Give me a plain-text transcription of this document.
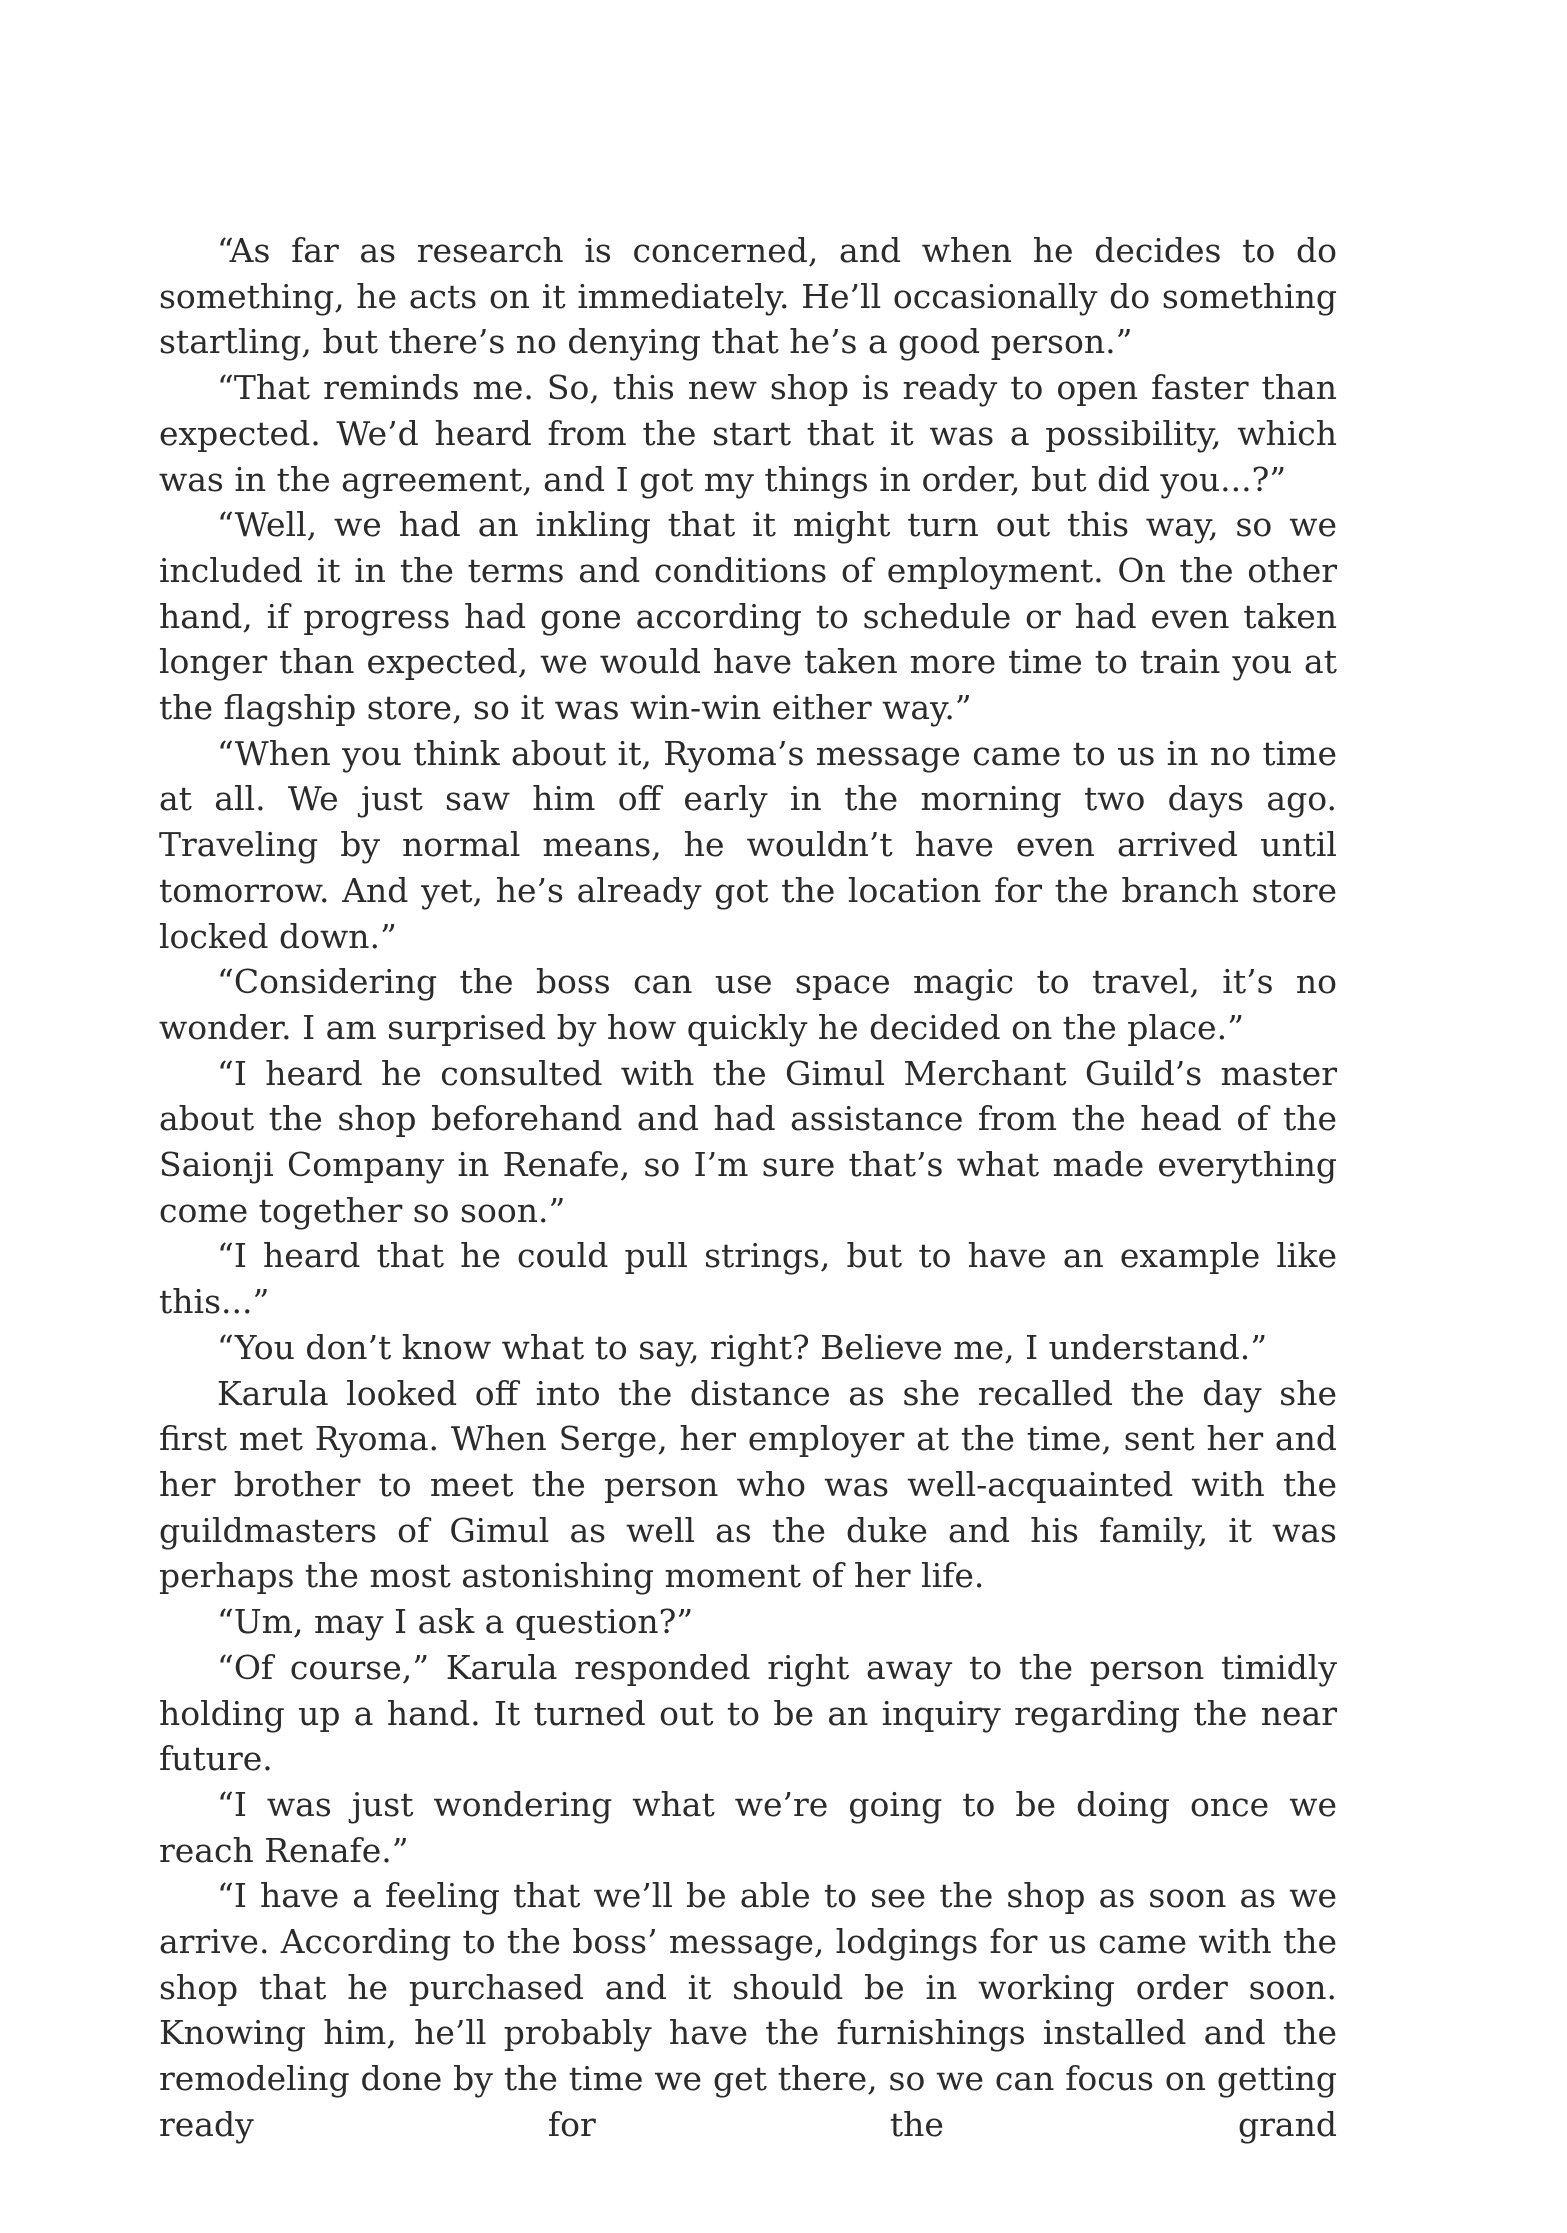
“As far as research is concerned, and when he decides to do something, he acts on it immediately. He’ll occasionally do something startling, but there’s no denying that he’s a good person.”

“That reminds me. So, this new shop is ready to open faster than expected. We’d heard from the start that it was a possibility, which was in the agreement, and I got my things in order, but did you...?”

“Well, we had an inkling that it might turn out this way, so we included it in the terms and conditions of employment. On the other hand, if progress had gone according to schedule or had even taken longer than expected, we would have taken more time to train you at the flagship store, so it was win-win either way.”

“When you think about it, Ryoma’s message came to us in no time at all. We just saw him off early in the morning two days ago. Traveling by normal means, he wouldn’t have even arrived until tomorrow. And yet, he’s already got the location for the branch store locked down.”

“Considering the boss can use space magic to travel, it’s no wonder. I am surprised by how quickly he decided on the place.”

“I heard he consulted with the Gimul Merchant Guild’s master about the shop beforehand and had assistance from the head of the Saionji Company in Renafe, so I’m sure that’s what made everything come together so soon.”

“I heard that he could pull strings, but to have an example like this...”

“You don’t know what to say, right? Believe me, I understand.”

Karula looked off into the distance as she recalled the day she first met Ryoma. When Serge, her employer at the time, sent her and her brother to meet the person who was well-acquainted with the guildmasters of Gimul as well as the duke and his family, it was perhaps the most astonishing moment of her life.

“Um, may I ask a question?”

“Of course,” Karula responded right away to the person timidly holding up a hand. It turned out to be an inquiry regarding the near future.

“I was just wondering what we’re going to be doing once we reach Renafe.”

“I have a feeling that we’ll be able to see the shop as soon as we arrive. According to the boss’ message, lodgings for us came with the shop that he purchased and it should be in working order soon. Knowing him, he’ll probably have the furnishings installed and the remodeling done by the time we get there, so we can focus on getting ready for the grand
